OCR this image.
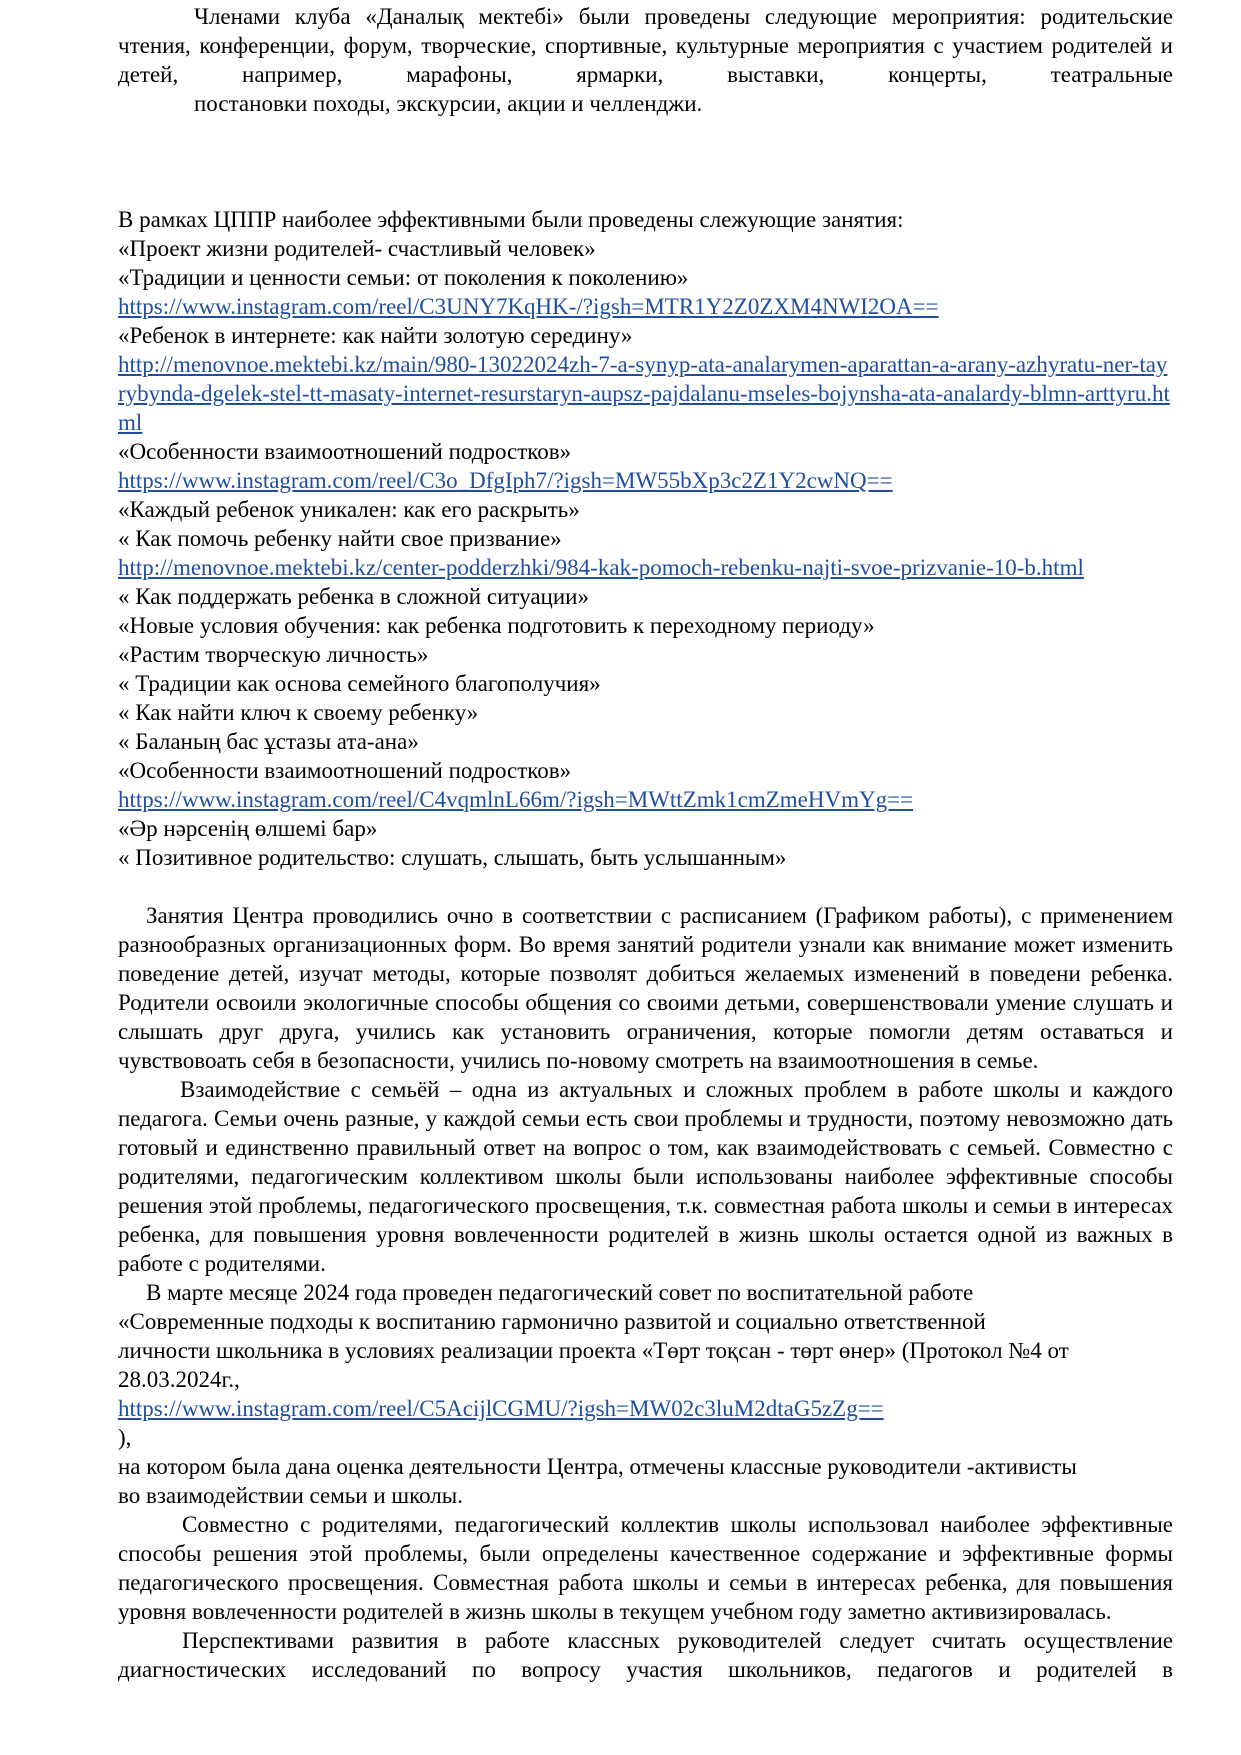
Членами клуба «Даналық мектебі» были проведены следующие мероприятия: родительские чтения, конференции, форум, творческие, спортивные, культурные мероприятия с участием родителей и детей, например, марафоны, ярмарки, выставки, концерты, театральные
постановки походы, экскурсии, акции и челленджи.

В рамках ЦППР наиболее эффективными были проведены слежующие занятия:
«Проект жизни родителей- счастливый человек»
«Традиции и ценности семьи: от поколения к поколению»
https://www.instagram.com/reel/C3UNY7KqHK-/?igsh=MTR1Y2Z0ZXM4NWI2OA==
«Ребенок в интернете: как найти золотую середину»
http://menovnoe.mektebi.kz/main/980-13022024zh-7-a-synyp-ata-analarymen-aparattan-a-arany-azhyratu-ner-tayrybynda-dgelek-stel-tt-masaty-internet-resurstaryn-aupsz-pajdalanu-mseles-bojynsha-ata-analardy-blmn-arttyru.html
«Особенности взаимоотношений подростков»
https://www.instagram.com/reel/C3o_DfgIph7/?igsh=MW55bXp3c2Z1Y2cwNQ==
«Каждый ребенок уникален: как его раскрыть»
« Как помочь ребенку найти свое призвание»
http://menovnoe.mektebi.kz/center-podderzhki/984-kak-pomoch-rebenku-najti-svoe-prizvanie-10-b.html
« Как поддержать ребенка в сложной ситуации»
«Новые условия обучения: как ребенка подготовить к переходному периоду»
«Растим творческую личность»
« Традиции как основа семейного благополучия»
« Как найти ключ к своему ребенку»
« Баланың бас ұстазы ата-ана»
«Особенности взаимоотношений подростков»
https://www.instagram.com/reel/C4vqmlnL66m/?igsh=MWttZmk1cmZmeHVmYg==
«Әр нәрсенің өлшемі бар»
« Позитивное родительство: слушать, слышать, быть услышанным»

Занятия Центра проводились очно в соответствии с расписанием (Графиком работы), с применением разнообразных организационных форм. Во время занятий родители узнали как внимание может изменить поведение детей, изучат методы, которые позволят добиться желаемых изменений в поведени ребенка. Родители освоили экологичные способы общения со своими детьми, совершенствовали умение слушать и слышать друг друга, учились как установить ограничения, которые помогли детям оставаться и чувствовоать себя в безопасности, учились по-новому смотреть на взаимоотношения в семье.

Взаимодействие с семьёй – одна из актуальных и сложных проблем в работе школы и каждого педагога. Семьи очень разные, у каждой семьи есть свои проблемы и трудности, поэтому невозможно дать готовый и единственно правильный ответ на вопрос о том, как взаимодействовать с семьей. Совместно с родителями, педагогическим коллективом школы были использованы наиболее эффективные способы решения этой проблемы, педагогического просвещения, т.к. совместная работа школы и семьи в интересах ребенка, для повышения уровня вовлеченности родителей в жизнь школы остается одной из важных в работе с родителями.

В марте месяце 2024 года проведен педагогический совет по воспитательной работе
«Современные подходы к воспитанию гармонично развитой и социально ответственной
личности школьника в условиях реализации проекта «Төрт тоқсан - төрт өнер» (Протокол №4 от
28.03.2024г.,
https://www.instagram.com/reel/C5AcijlCGMU/?igsh=MW02c3luM2dtaG5zZg==
),
на котором была дана оценка деятельности Центра, отмечены классные руководители -активисты
во взаимодействии семьи и школы.

Совместно с родителями, педагогический коллектив школы использовал наиболее эффективные способы решения этой проблемы, были определены качественное содержание и эффективные формы педагогического просвещения. Совместная работа школы и семьи в интересах ребенка, для повышения уровня вовлеченности родителей в жизнь школы в текущем учебном году заметно активизировалась.

Перспективами развития в работе классных руководителей следует считать осуществление диагностических исследований по вопросу участия школьников, педагогов и родителей в
